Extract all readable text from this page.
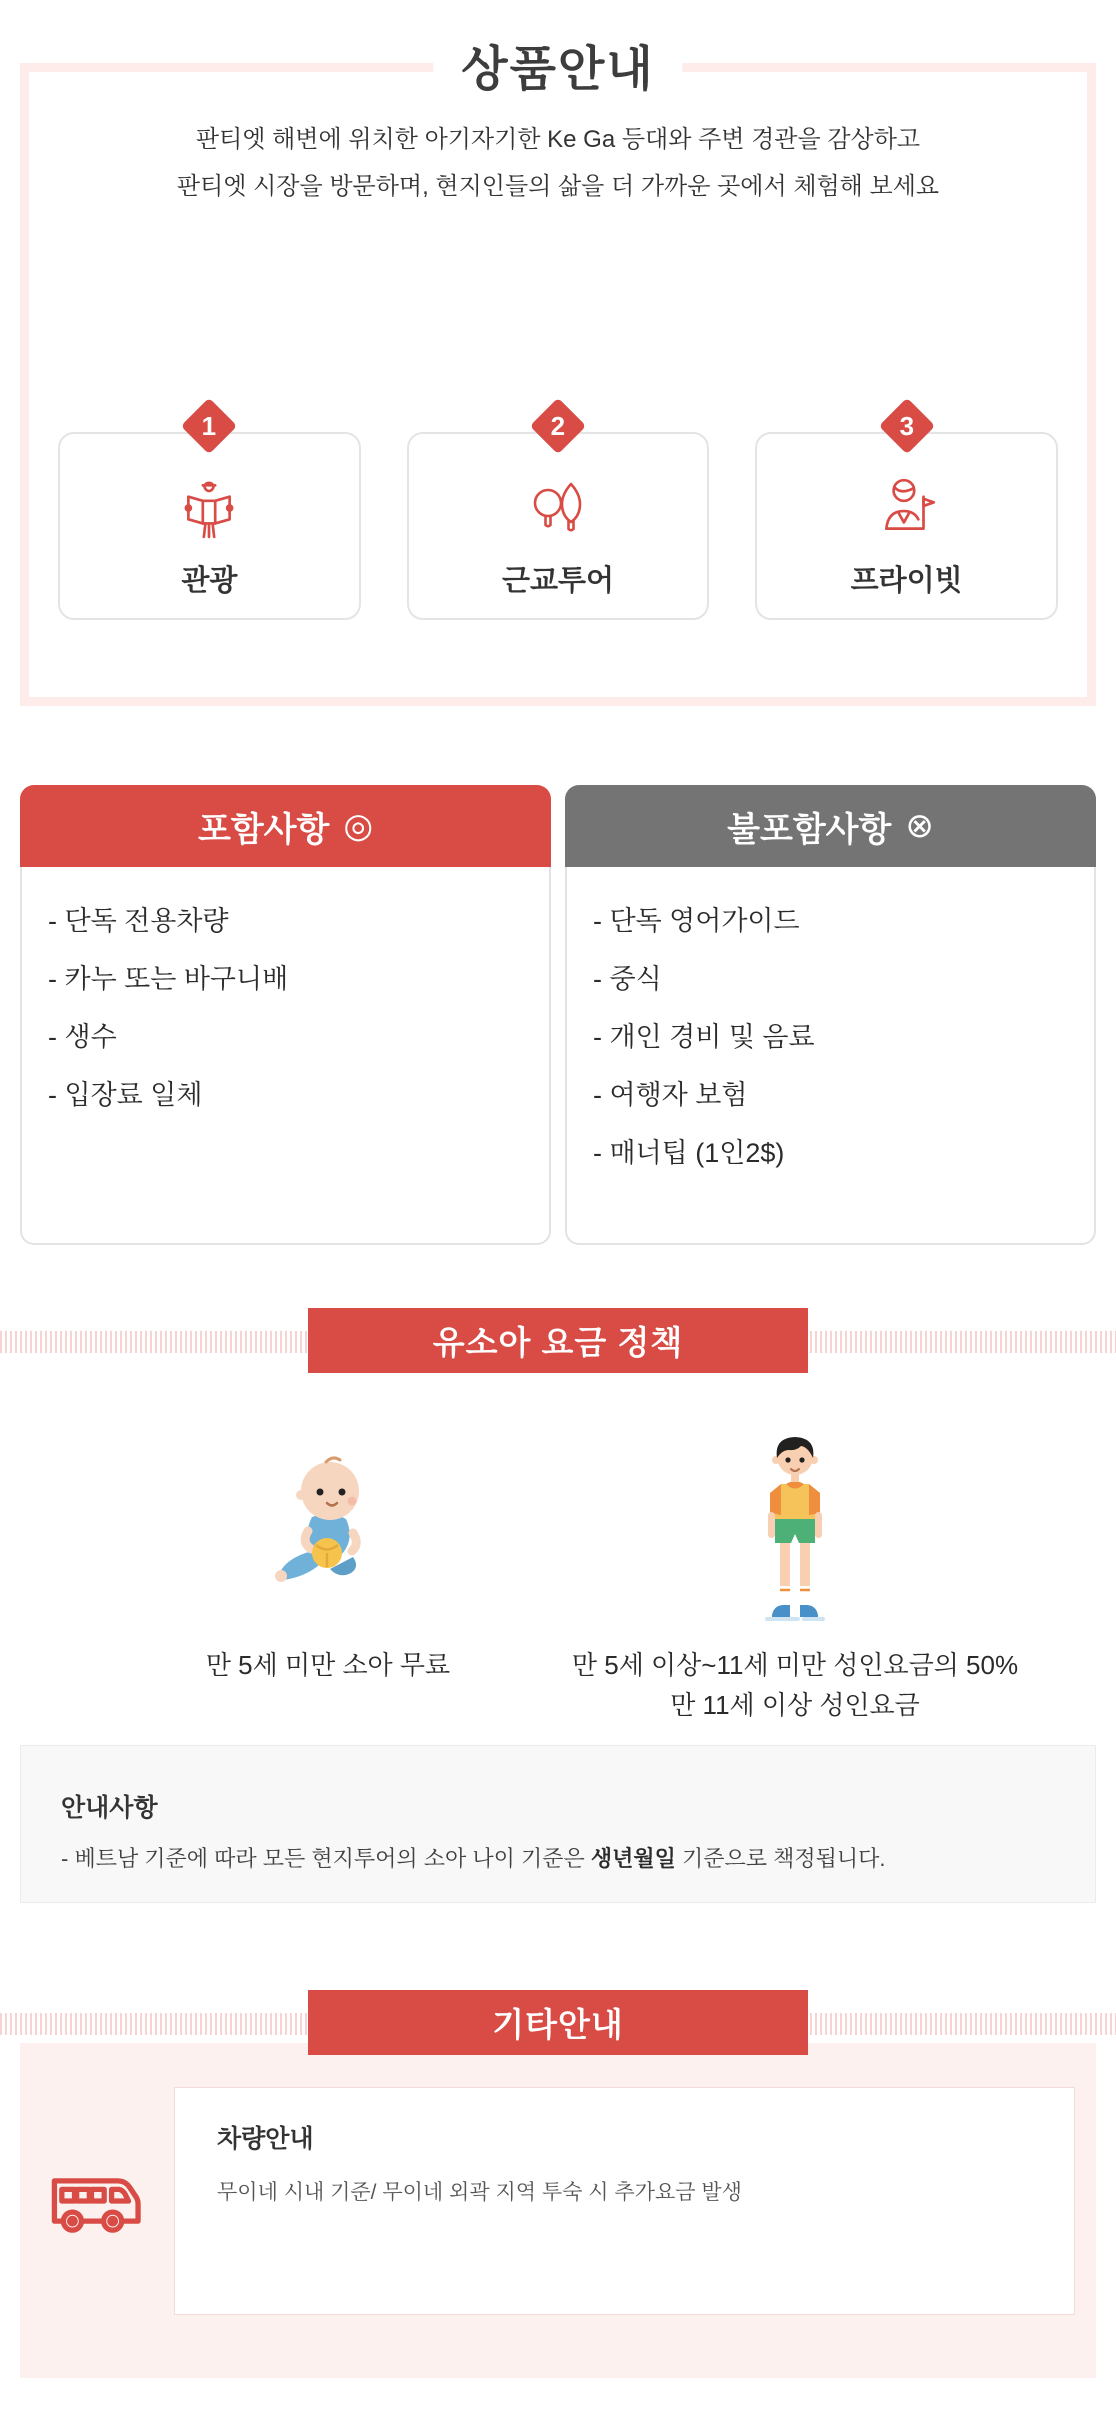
상품안내
판티엣 해변에 위치한 아기자기한 Ke Ga 등대와 주변 경관을 감상하고
판티엣 시장을 방문하며, 현지인들의 삶을 더 가까운 곳에서 체험해 보세요
1
관광
2
근교투어
3
프라이빗
포함사항 ◎
- 단독 전용차량
- 카누 또는 바구니배
- 생수
- 입장료 일체
불포함사항 ⊗
- 단독 영어가이드
- 중식
- 개인 경비 및 음료
- 여행자 보험
- 매너팁 (1인2$)
유소아 요금 정책
만 5세 미만 소아 무료	만 5세 이상~11세 미만 성인요금의 50%
만 11세 이상 성인요금
안내사항
- 베트남 기준에 따라 모든 현지투어의 소아 나이 기준은 생년월일 기준으로 책정됩니다.
기타안내
차량안내
무이네 시내 기준/ 무이네 외곽 지역 투숙 시 추가요금 발생
